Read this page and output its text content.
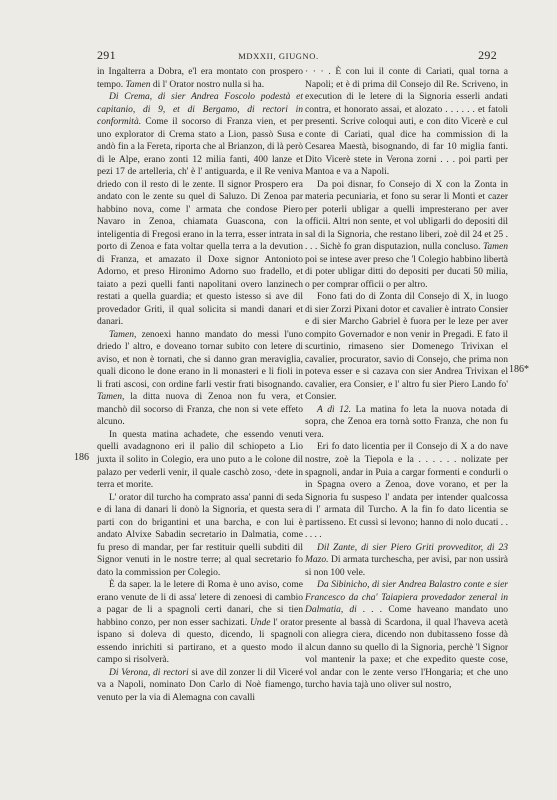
291	MDXXII, GIUGNO.	292
186
186*

in Ingalterra a Dobra, e'l era montato con prospero tempo. Tamen di l' Orator nostro nulla si ha.

Di Crema, di sier Andrea Foscolo podestà et capitanio, di 9, et di Bergamo, di rectori in conformità. Come il socorso di Franza vien, et per uno explorator di Crema stato a Lion, passò Susa e andò fin a la Fereta, riporta che al Brianzon, di là però di le Alpe, erano zonti 12 milia fanti, 400 lanze et pezi 17 de artelleria, ch' è l' antiguarda, e il Re veniva driedo con il resto di le zente. Il signor Prospero era andato con le zente su quel di Saluzo. Di Zenoa par habbino nova, come l' armata che condose Piero Navaro in Zenoa, chiamata Guascona, con la inteligentia di Fregosi erano in la terra, esser intrata in porto di Zenoa e fata voltar quella terra a la devution di Franza, et amazato il Doxe signor Antonioto Adorno, et preso Hironimo Adorno suo fradello, et taiato a pezi quelli fanti napolitani overo lanzinech restati a quella guardia; et questo istesso si ave dil provedador Griti, il qual solicita si mandi danari et danari.

Tamen, zenoexi hanno mandato do messi l'uno driedo l' altro, e doveano tornar subito con letere di aviso, et non è tornati, che si danno gran meraviglia, quali dicono le done erano in li monasteri e li fioli in li frati ascosi, con ordine farli vestir frati bisognando. Tamen, la ditta nuova di Zenoa non fu vera, et manchò dil socorso di Franza, che non si vete effeto alcuno.

In questa matina achadete, che essendo venuti quelli avadagnono eri il palio dil schiopeto a Lio juxta il solito in Colegio, era uno puto a le colone dil palazo per vederli venir, il quale caschò zoso, ·dete in terra et morite.

L' orator dil turcho ha comprato assa' panni di seda e di lana di danari li donò la Signoria, et questa sera parti con do brigantini et una barcha, e con lui è andato Alvixe Sabadin secretario in Dalmatia, come fu preso di mandar, per far restituir quelli subditi dil Signor venuti in le nostre terre; al qual secretario fo dato la commission per Colegio.

È da saper. la le letere di Roma è uno aviso, come erano venute de li di assa' letere di zenoesi di cambio a pagar de li a spagnoli certi danari, che si tien habbino conzo, per non esser sachizati. Unde l' orator ispano si doleva di questo, dicendo, li spagnoli essendo inrichiti si partirano, et a questo modo il campo si risolverà.

Di Verona, di rectori si ave dil zonzer li dil Viceré va a Napoli, nominato Don Carlo di Noè fiamengo, venuto per la via di Alemagna con cavalli

· · · . È con lui il conte di Cariati, qual torna a Napoli; et è di prima dil Consejo dil Re. Scriveno, in execution di le letere di la Signoria esserli andati contra, et honorato assai, et alozato . . . . . . et fatoli presenti. Scrive coloqui auti, e con dito Vicerè e cul conte di Cariati, qual dice ha commission di la Cesarea Maestà, bisognando, di far 10 miglia fanti. Dito Vicerè stete in Verona zorni . . . poi partì per Mantoa e va a Napoli.

Da poi disnar, fo Consejo di X con la Zonta in materia pecuniaria, et fono su serar li Monti et cazer per poterli ubligar a quelli impresterano per aver officii. Altri non sente, et vol ubligarli do depositi dil sal di la Signoria, che restano liberi, zoè dil 24 et 25 . . . . Sichè fo gran disputazion, nulla concluso. Tamen poi se intese aver preso che 'l Colegio habbino libertà di poter ubligar ditti do depositi per ducati 50 milia, o per comprar officii o per altro.

Fono fati do di Zonta dil Consejo di X, in luogo di sier Zorzi Pixani dotor et cavalier è intrato Consier e di sier Marcho Gabriel è fuora per le leze per aver compito Governador e non venir in Pregadi. E fato il scurtinio, rimaseno sier Domenego Trivixan el cavalier, procurator, savio di Consejo, che prima non poteva esser e si cazava con sier Andrea Trivixan el cavalier, era Consier, e l' altro fu sier Piero Lando fo' Consier.

A dì 12. La matina fo leta la nuova notada di sopra, che Zenoa era tornà sotto Franza, che non fu vera.

Eri fo dato licentia per il Consejo di X a do nave nostre, zoè la Tiepola e la . . . . . . nolizate per spagnoli, andar in Puia a cargar formenti e condurli o in Spagna overo a Zenoa, dove vorano, et per la Signoria fu suspeso l' andata per intender qualcossa di l' armata dil Turcho. A la fin fo dato licentia se partisseno. Et cussì si levono; hanno di nolo ducati . . . . . .

Dil Zante, di sier Piero Griti provveditor, di 23 Mazo. Di armata turchescha, per avisi, par non ussirà si non 100 vele.

Da Sibinicho, di sier Andrea Balastro conte e sier Francesco da cha' Taiapiera provedador zeneral in Dalmatia, di . . . Come haveano mandato uno presente al bassà di Scardona, il qual l'haveva acetà con aliegra ciera, dicendo non dubitasseno fosse dà alcun danno su quello di la Signoria, perchè 'l Signor vol mantenir la paxe; et che expedito queste cose, vol andar con le zente verso l'Hongaria; et che uno turcho havia tajà uno oliver sul nostro,
